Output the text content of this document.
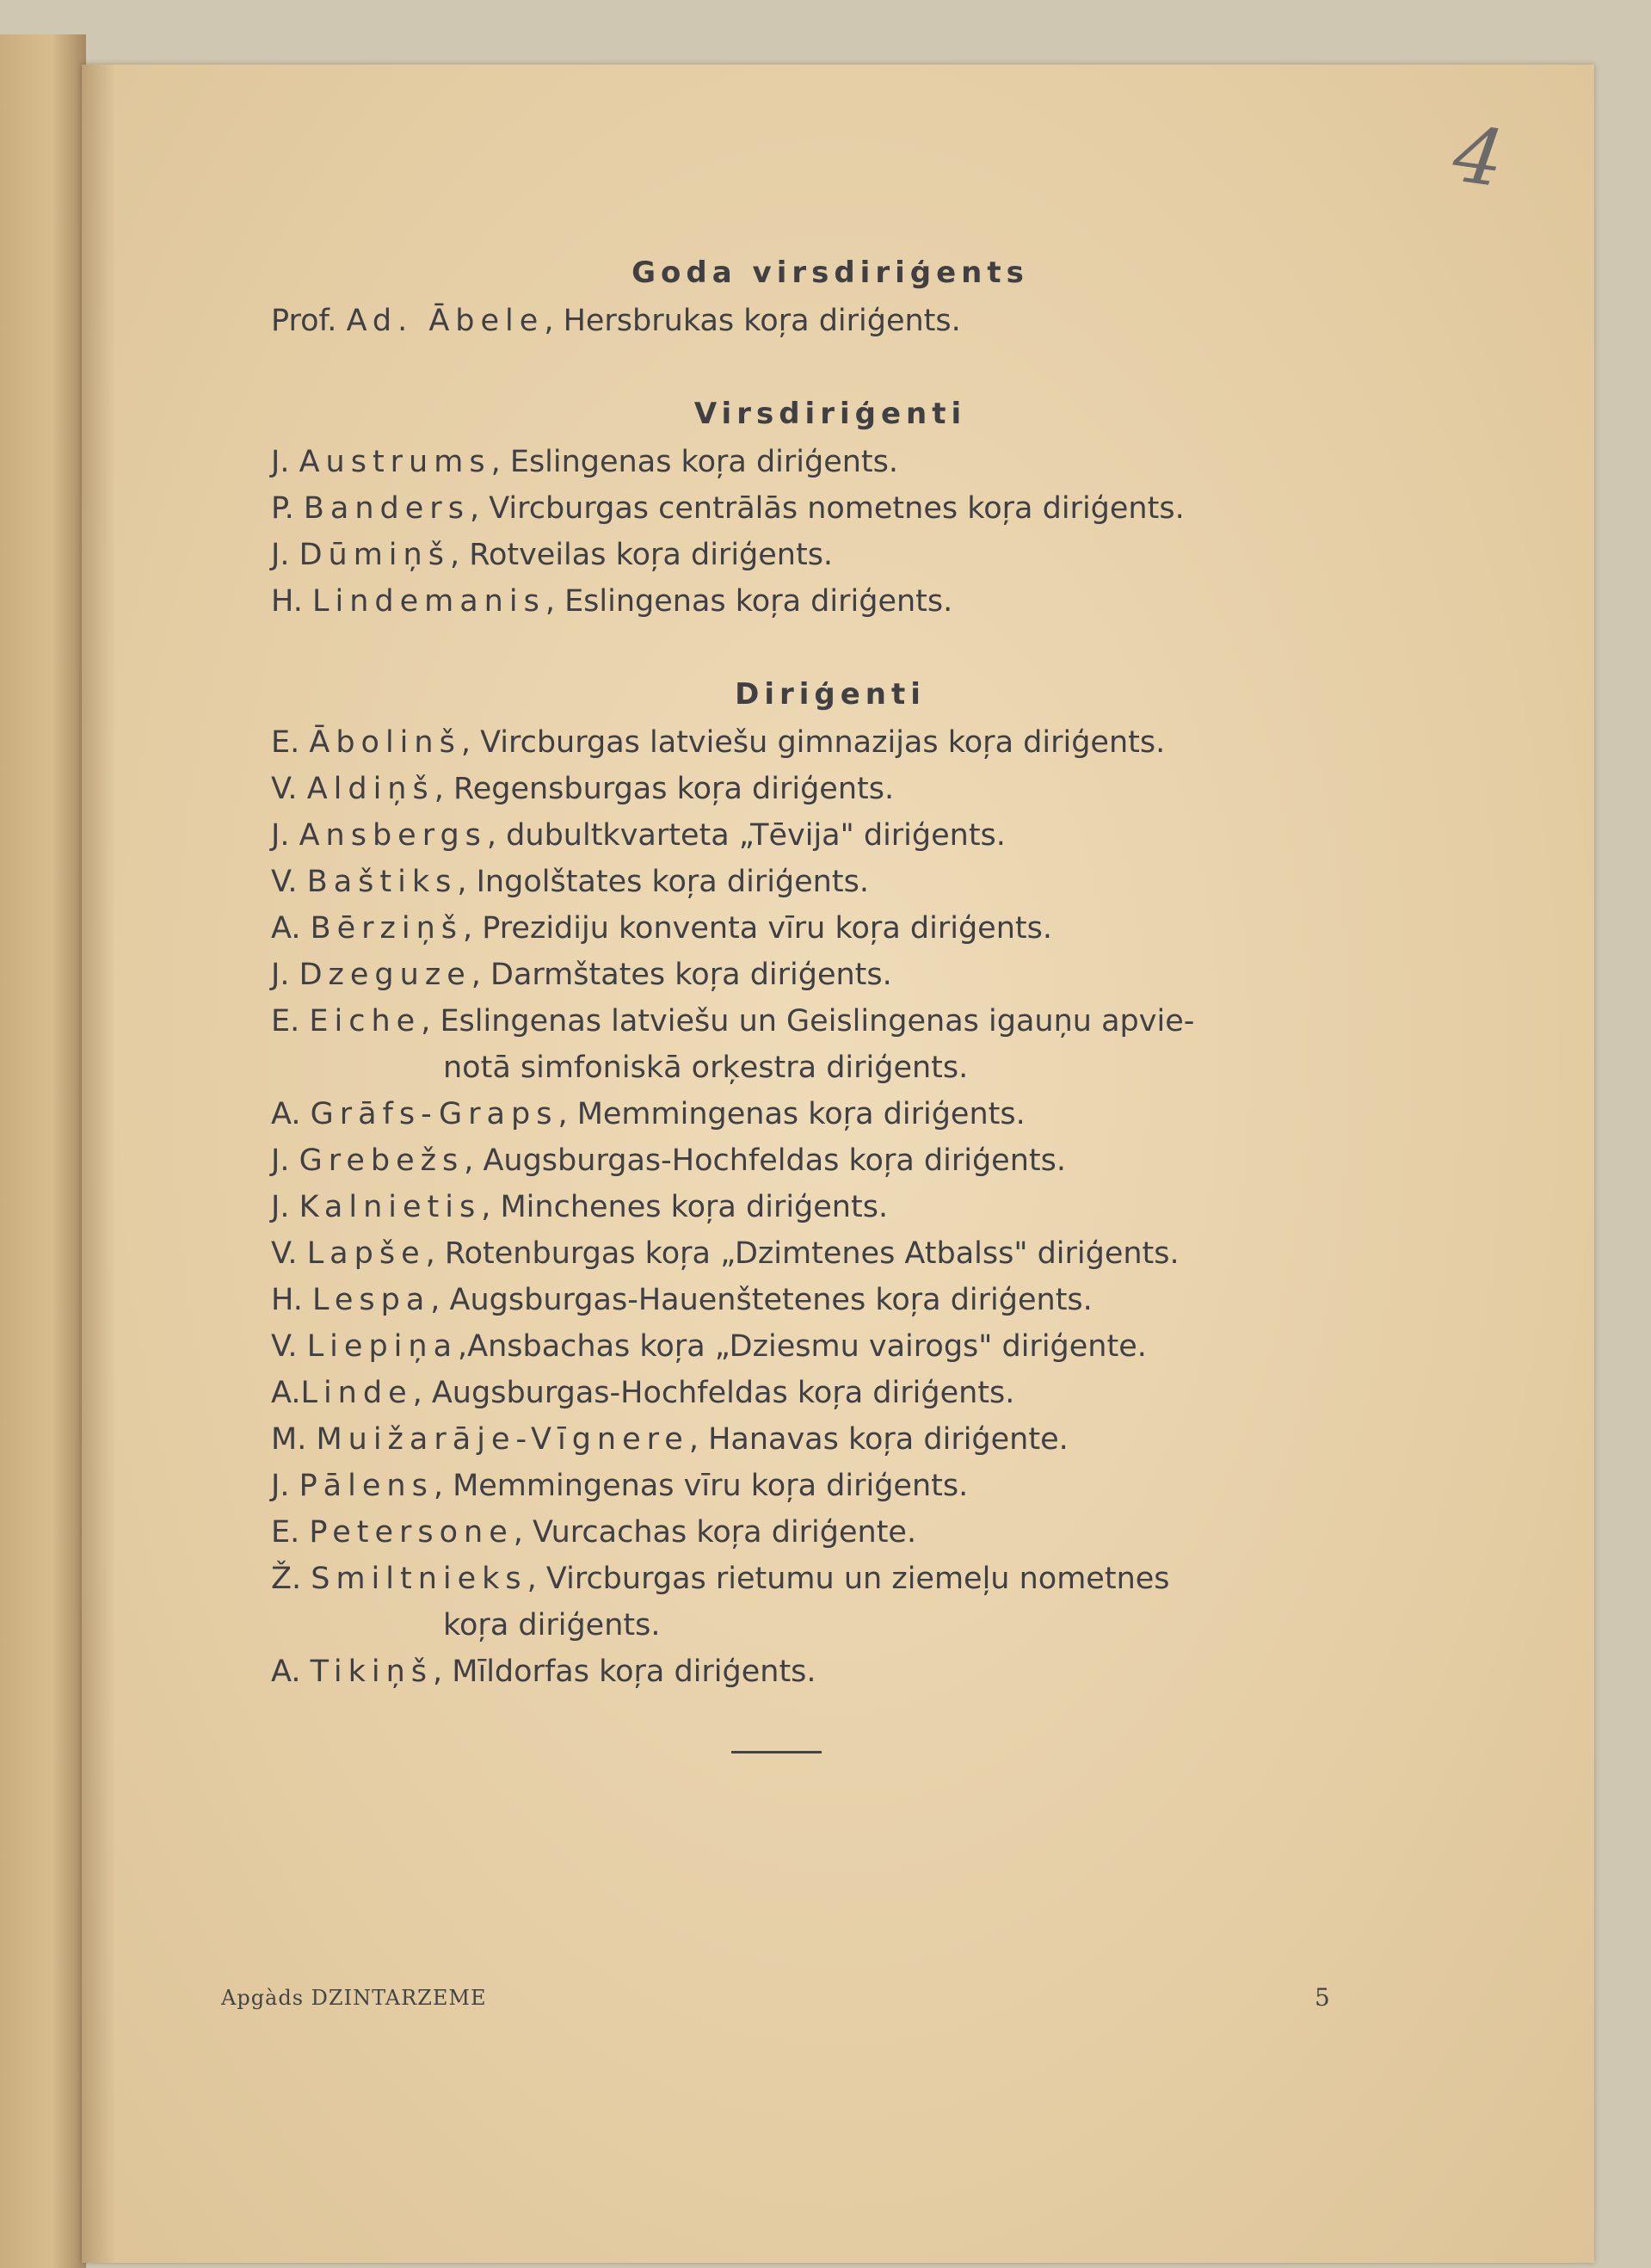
4
Goda virsdiriģents
Prof. Ad. Ābele, Hersbrukas koŗa diriģents.
Virsdiriģenti
J. Austrums, Eslingenas koŗa diriģents.
P. Banders, Vircburgas centrālās nometnes koŗa diriģents.
J. Dūmiņš, Rotveilas koŗa diriģents.
H. Lindemanis, Eslingenas koŗa diriģents.
Diriģenti
E. Ābolinš, Vircburgas latviešu gimnazijas koŗa diriģents.
V. Aldiņš, Regensburgas koŗa diriģents.
J. Ansbergs, dubultkvarteta „Tēvija" diriģents.
V. Baštiks, Ingolštates koŗa diriģents.
A. Bērziņš, Prezidiju konventa vīru koŗa diriģents.
J. Dzeguze, Darmštates koŗa diriģents.
E. Eiche, Eslingenas latviešu un Geislingenas igauņu apvie-
notā simfoniskā orķestra diriģents.
A. Grāfs-Graps, Memmingenas koŗa diriģents.
J. Grebežs, Augsburgas-Hochfeldas koŗa diriģents.
J. Kalnietis, Minchenes koŗa diriģents.
V. Lapše, Rotenburgas koŗa „Dzimtenes Atbalss" diriģents.
H. Lespa, Augsburgas-Hauenštetenes koŗa diriģents.
V. Liepiņa,Ansbachas koŗa „Dziesmu vairogs" diriģente.
A.Linde, Augsburgas-Hochfeldas koŗa diriģents.
M. Muižarāje-Vīgnere, Hanavas koŗa diriģente.
J. Pālens, Memmingenas vīru koŗa diriģents.
E. Petersone, Vurcachas koŗa diriģente.
Ž. Smiltnieks, Vircburgas rietumu un ziemeļu nometnes
koŗa diriģents.
A. Tikiņš, Mīldorfas koŗa diriģents.
Apgàds DZINTARZEME	5
